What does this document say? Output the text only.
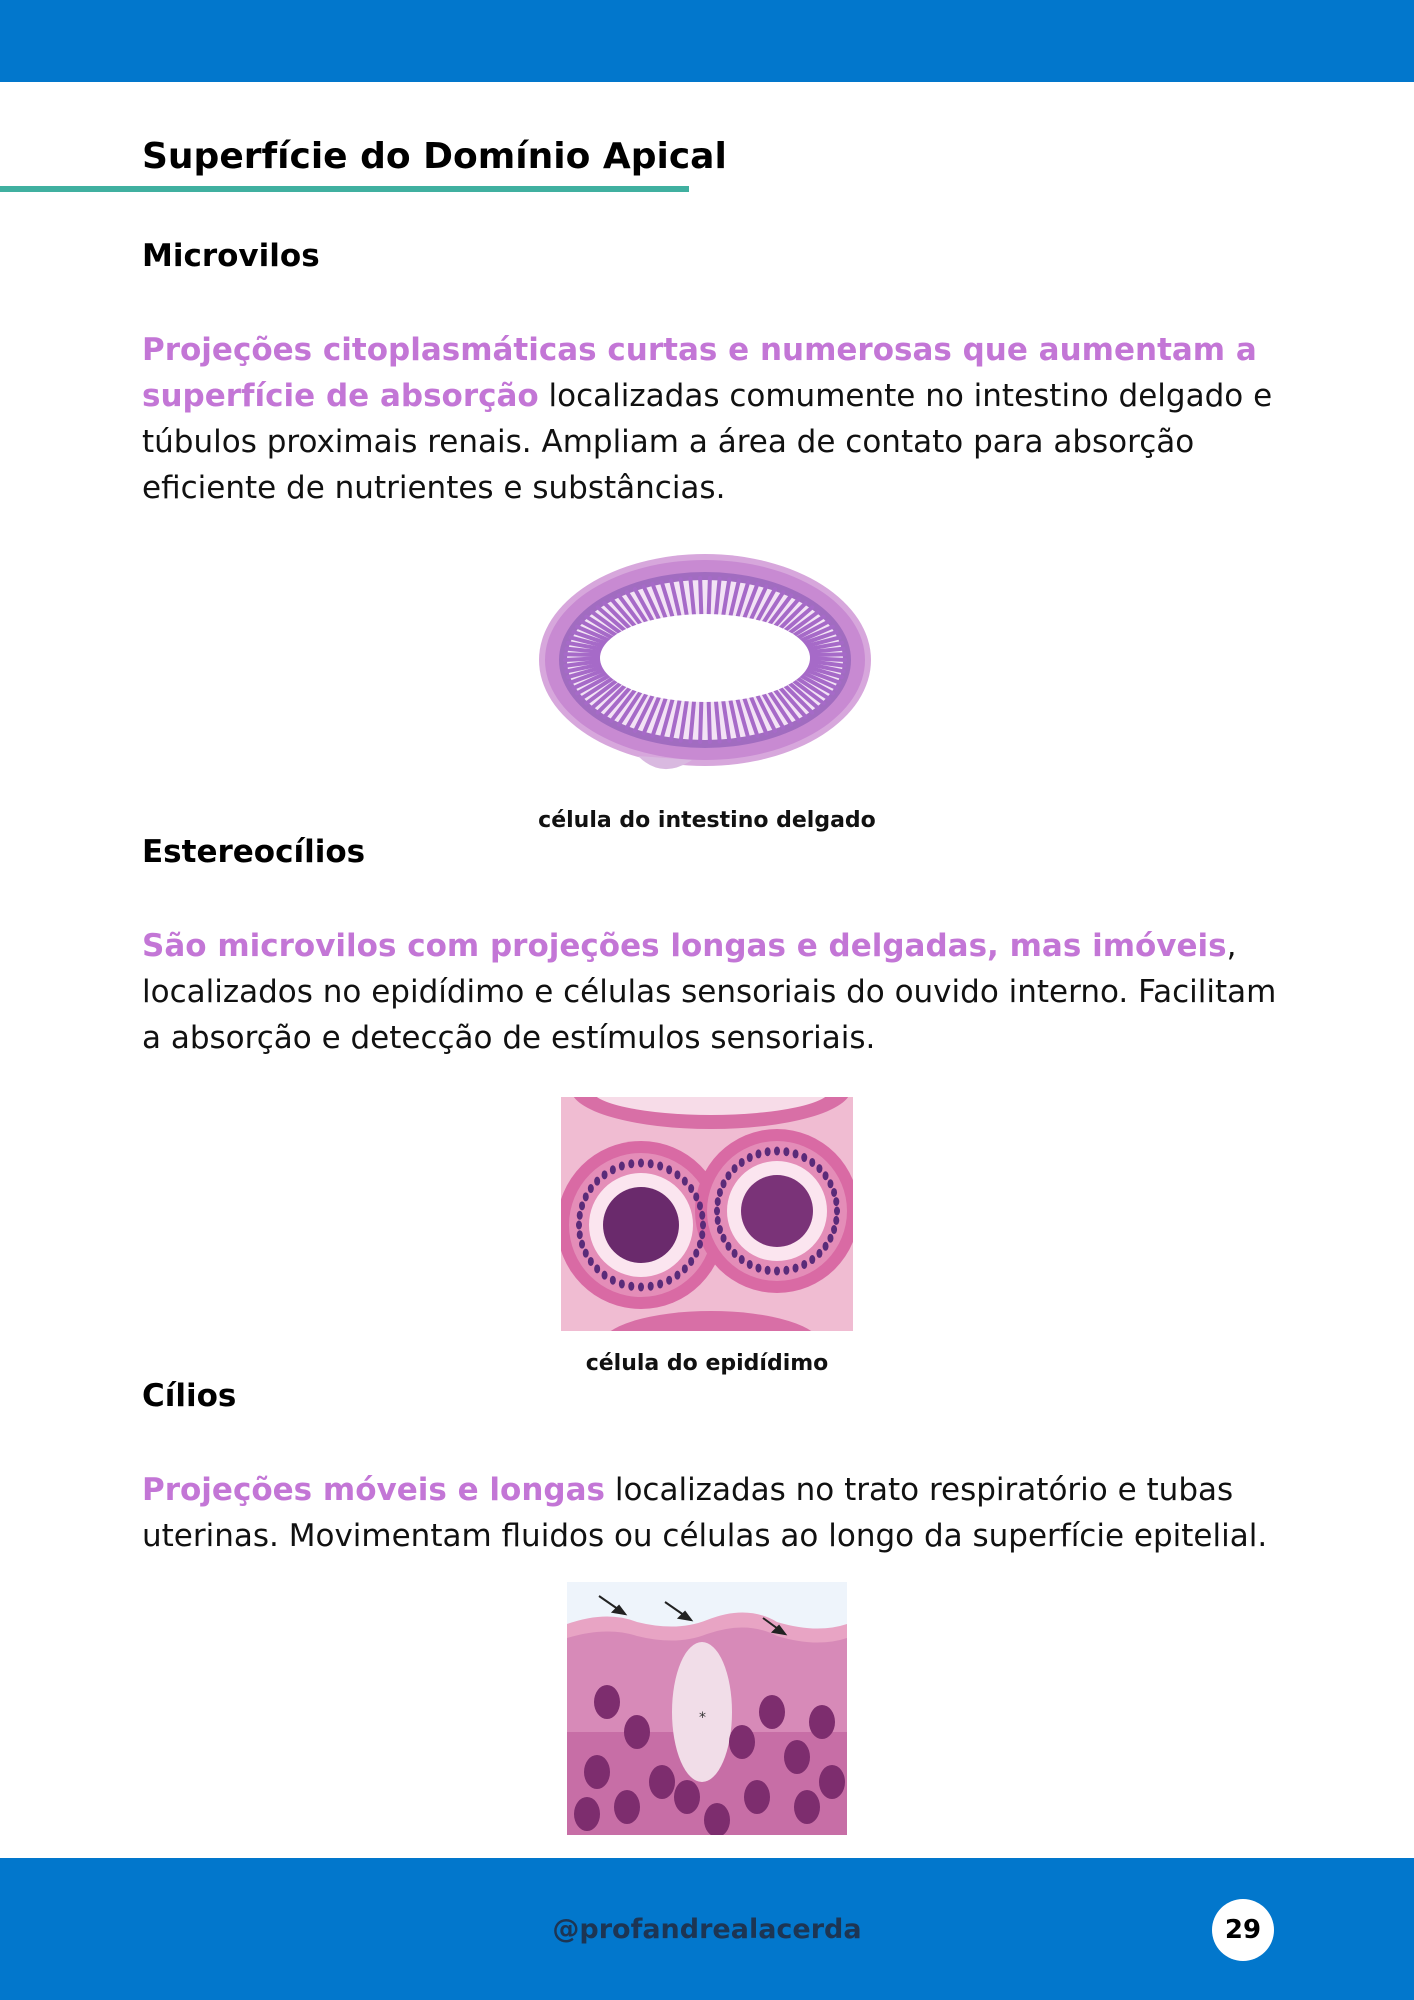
Superfície do Domínio Apical
Microvilos

Projeções citoplasmáticas curtas e numerosas que aumentam a superfície de absorção localizadas comumente no intestino delgado e túbulos proximais renais. Ampliam a área de contato para absorção eficiente de nutrientes e substâncias.

célula do intestino delgado
Estereocílios

São microvilos com projeções longas e delgadas, mas imóveis, localizados no epidídimo e células sensoriais do ouvido interno. Facilitam a absorção e detecção de estímulos sensoriais.

célula do epidídimo
Cílios

Projeções móveis e longas localizadas no trato respiratório e tubas uterinas. Movimentam fluidos ou células ao longo da superfície epitelial.

*
@profandrealacerda	29
